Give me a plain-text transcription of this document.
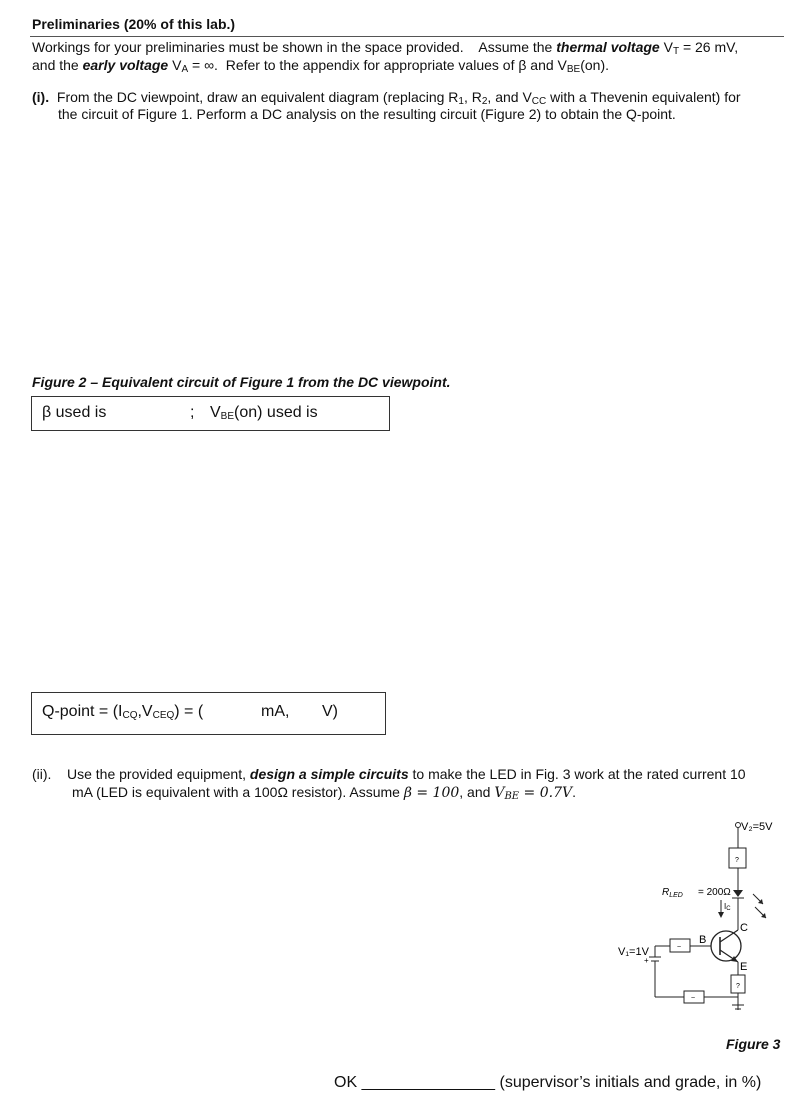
Preliminaries (20% of this lab.)
Workings for your preliminaries must be shown in the space provided. Assume the thermal voltage $V_T = 26$ mV,
and the early voltage $V_A$ = ∞. Refer to the appendix for appropriate values of β and $V_{BE}(on)$.
(i). From the DC viewpoint, draw an equivalent diagram (replacing $R_1$, $R_2$, and $V_{CC}$ with a Thevenin equivalent) for
the circuit of Figure 1. Perform a DC analysis on the resulting circuit (Figure 2) to obtain the Q-point.
Figure 2 – Equivalent circuit of Figure 1 from the DC viewpoint.
β used is	; $V_{BE}(on)$ used is
Q-point = $(I_{CQ},V_{CEQ})$ = (	mA, V)
(ii). Use the provided equipment, design a simple circuits to make the LED in Fig. 3 work at the rated current 10
mA (LED is equivalent with a 100Ω resistor). Assume β = 100, and $V_{BE} = 0.7V$.
V₂=5V
?
$R_{LED} = 200\Omega$
IC
C
B
E
~
V₁=1V
+
?
~
Figure 3
OK _______________ (supervisor’s initials and grade, in %)
